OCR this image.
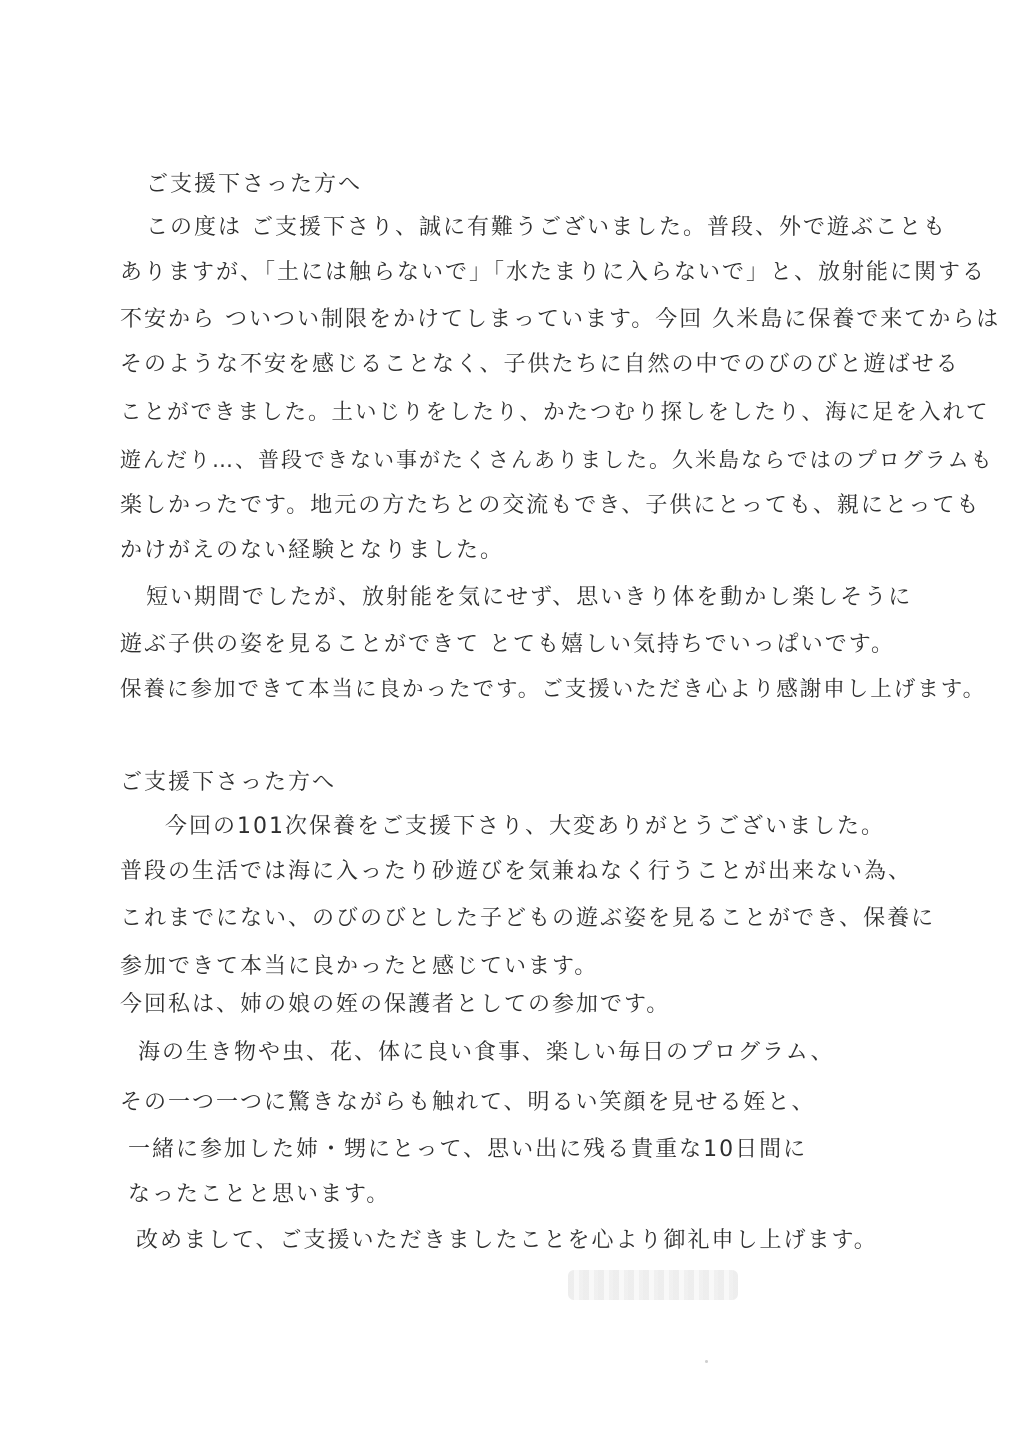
ご支援下さった方へ

この度は ご支援下さり、誠に有難うございました。普段、外で遊ぶことも

ありますが、「土には触らないで」「水たまりに入らないで」と、放射能に関する

不安から ついつい制限をかけてしまっています。今回 久米島に保養で来てからは

そのような不安を感じることなく、子供たちに自然の中でのびのびと遊ばせる

ことができました。土いじりをしたり、かたつむり探しをしたり、海に足を入れて

遊んだり…、普段できない事がたくさんありました。久米島ならではのプログラムも

楽しかったです。地元の方たちとの交流もでき、子供にとっても、親にとっても

かけがえのない経験となりました。

短い期間でしたが、放射能を気にせず、思いきり体を動かし楽しそうに

遊ぶ子供の姿を見ることができて とても嬉しい気持ちでいっぱいです。

保養に参加できて本当に良かったです。ご支援いただき心より感謝申し上げます。

ご支援下さった方へ

今回の101次保養をご支援下さり、大変ありがとうございました。

普段の生活では海に入ったり砂遊びを気兼ねなく行うことが出来ない為、

これまでにない、のびのびとした子どもの遊ぶ姿を見ることができ、保養に

参加できて本当に良かったと感じています。

今回私は、姉の娘の姪の保護者としての参加です。

海の生き物や虫、花、体に良い食事、楽しい毎日のプログラム、

その一つ一つに驚きながらも触れて、明るい笑顔を見せる姪と、

一緒に参加した姉・甥にとって、思い出に残る貴重な10日間に

なったことと思います。

改めまして、ご支援いただきましたことを心より御礼申し上げます。
